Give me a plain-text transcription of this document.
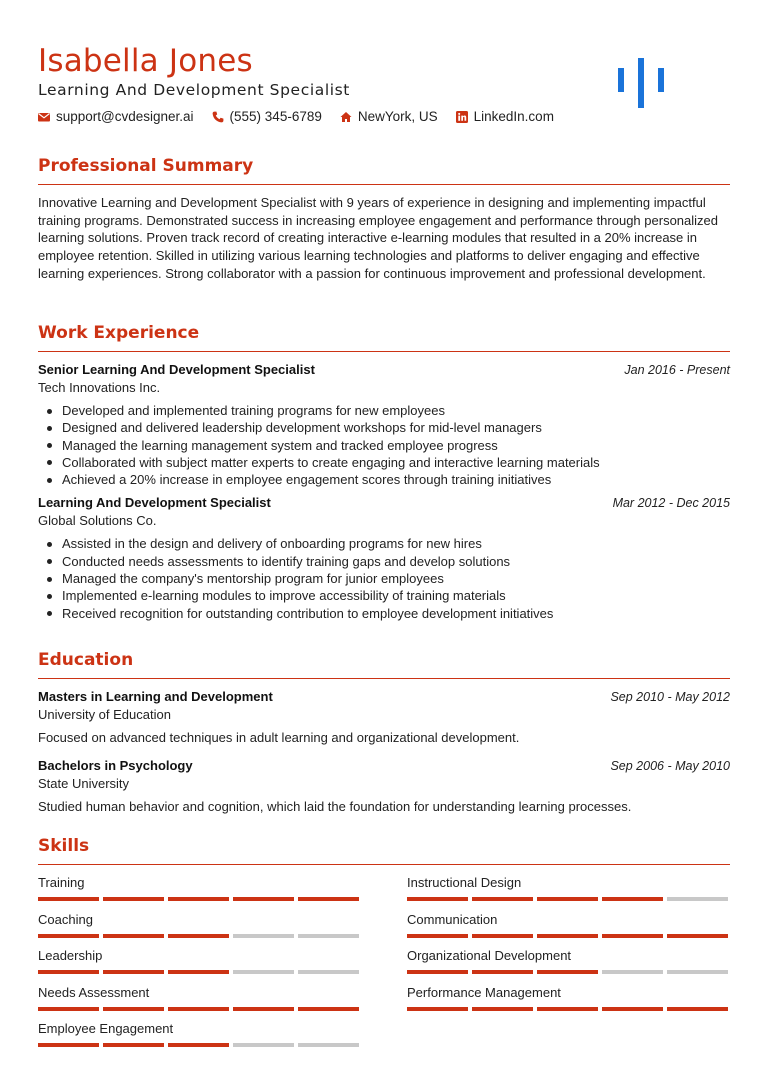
Isabella Jones
Learning And Development Specialist
support@cvdesigner.ai	(555) 345-6789	NewYork, US	LinkedIn.com
Professional Summary
Innovative Learning and Development Specialist with 9 years of experience in designing and implementing impactful training programs. Demonstrated success in increasing employee engagement and performance through personalized learning solutions. Proven track record of creating interactive e-learning modules that resulted in a 20% increase in employee retention. Skilled in utilizing various learning technologies and platforms to deliver engaging and effective learning experiences. Strong collaborator with a passion for continuous improvement and professional development.
Work Experience
Senior Learning And Development Specialist	Jan 2016 - Present
Tech Innovations Inc.
Developed and implemented training programs for new employees
Designed and delivered leadership development workshops for mid-level managers
Managed the learning management system and tracked employee progress
Collaborated with subject matter experts to create engaging and interactive learning materials
Achieved a 20% increase in employee engagement scores through training initiatives
Learning And Development Specialist	Mar 2012 - Dec 2015
Global Solutions Co.
Assisted in the design and delivery of onboarding programs for new hires
Conducted needs assessments to identify training gaps and develop solutions
Managed the company's mentorship program for junior employees
Implemented e-learning modules to improve accessibility of training materials
Received recognition for outstanding contribution to employee development initiatives
Education
Masters in Learning and Development	Sep 2010 - May 2012
University of Education
Focused on advanced techniques in adult learning and organizational development.
Bachelors in Psychology	Sep 2006 - May 2010
State University
Studied human behavior and cognition, which laid the foundation for understanding learning processes.
Skills
Training	Instructional Design
Coaching	Communication
Leadership	Organizational Development
Needs Assessment	Performance Management
Employee Engagement
